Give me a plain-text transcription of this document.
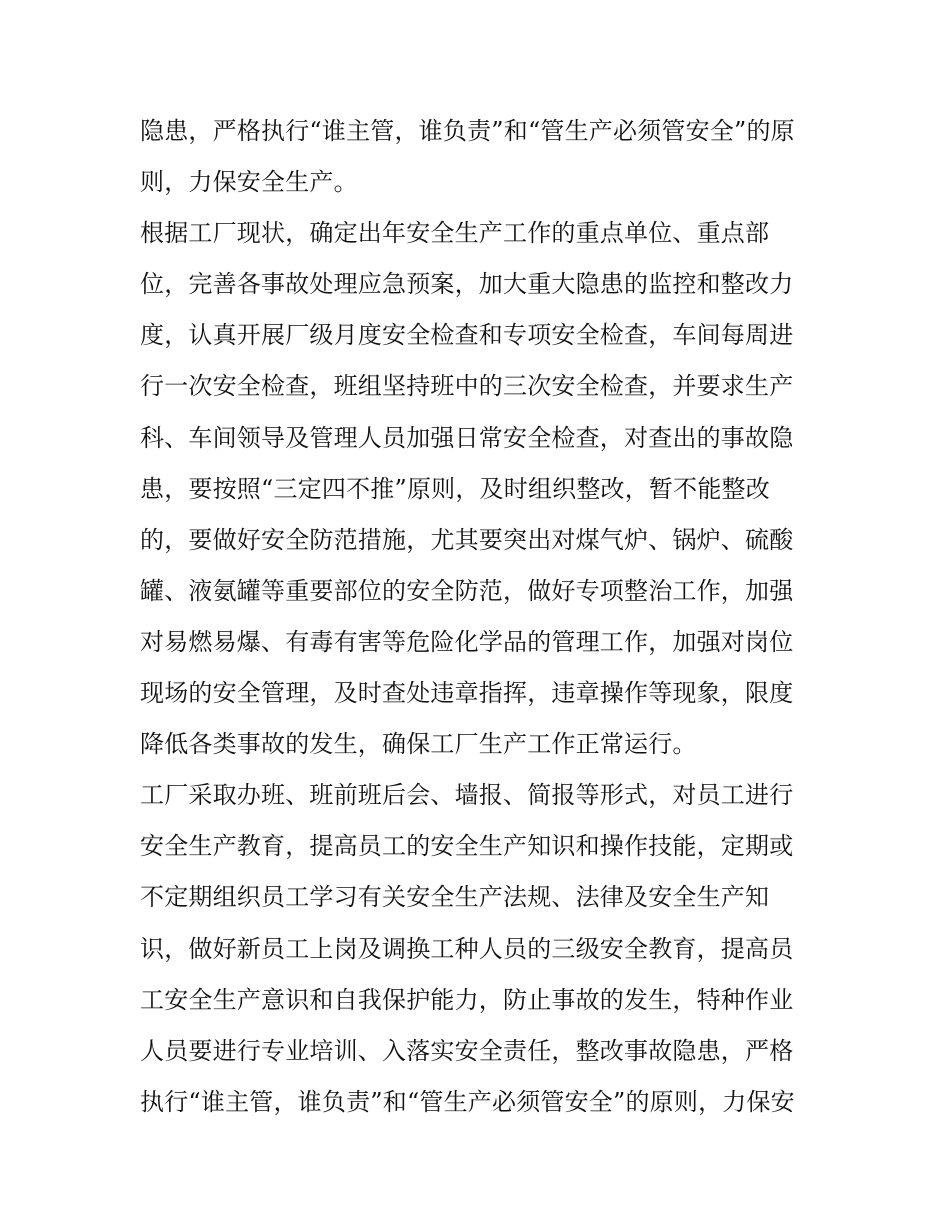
隐患，严格执行“谁主管，谁负责”和“管生产必须管安全”的原
则，力保安全生产。
根据工厂现状，确定出年安全生产工作的重点单位、重点部
位，完善各事故处理应急预案，加大重大隐患的监控和整改力
度，认真开展厂级月度安全检查和专项安全检查，车间每周进
行一次安全检查，班组坚持班中的三次安全检查，并要求生产
科、车间领导及管理人员加强日常安全检查，对查出的事故隐
患，要按照“三定四不推”原则，及时组织整改，暂不能整改
的，要做好安全防范措施，尤其要突出对煤气炉、锅炉、硫酸
罐、液氨罐等重要部位的安全防范，做好专项整治工作，加强
对易燃易爆、有毒有害等危险化学品的管理工作，加强对岗位
现场的安全管理，及时查处违章指挥，违章操作等现象，限度
降低各类事故的发生，确保工厂生产工作正常运行。
工厂采取办班、班前班后会、墙报、简报等形式，对员工进行
安全生产教育，提高员工的安全生产知识和操作技能，定期或
不定期组织员工学习有关安全生产法规、法律及安全生产知
识，做好新员工上岗及调换工种人员的三级安全教育，提高员
工安全生产意识和自我保护能力，防止事故的发生，特种作业
人员要进行专业培训、入落实安全责任，整改事故隐患，严格
执行“谁主管，谁负责”和“管生产必须管安全”的原则，力保安
